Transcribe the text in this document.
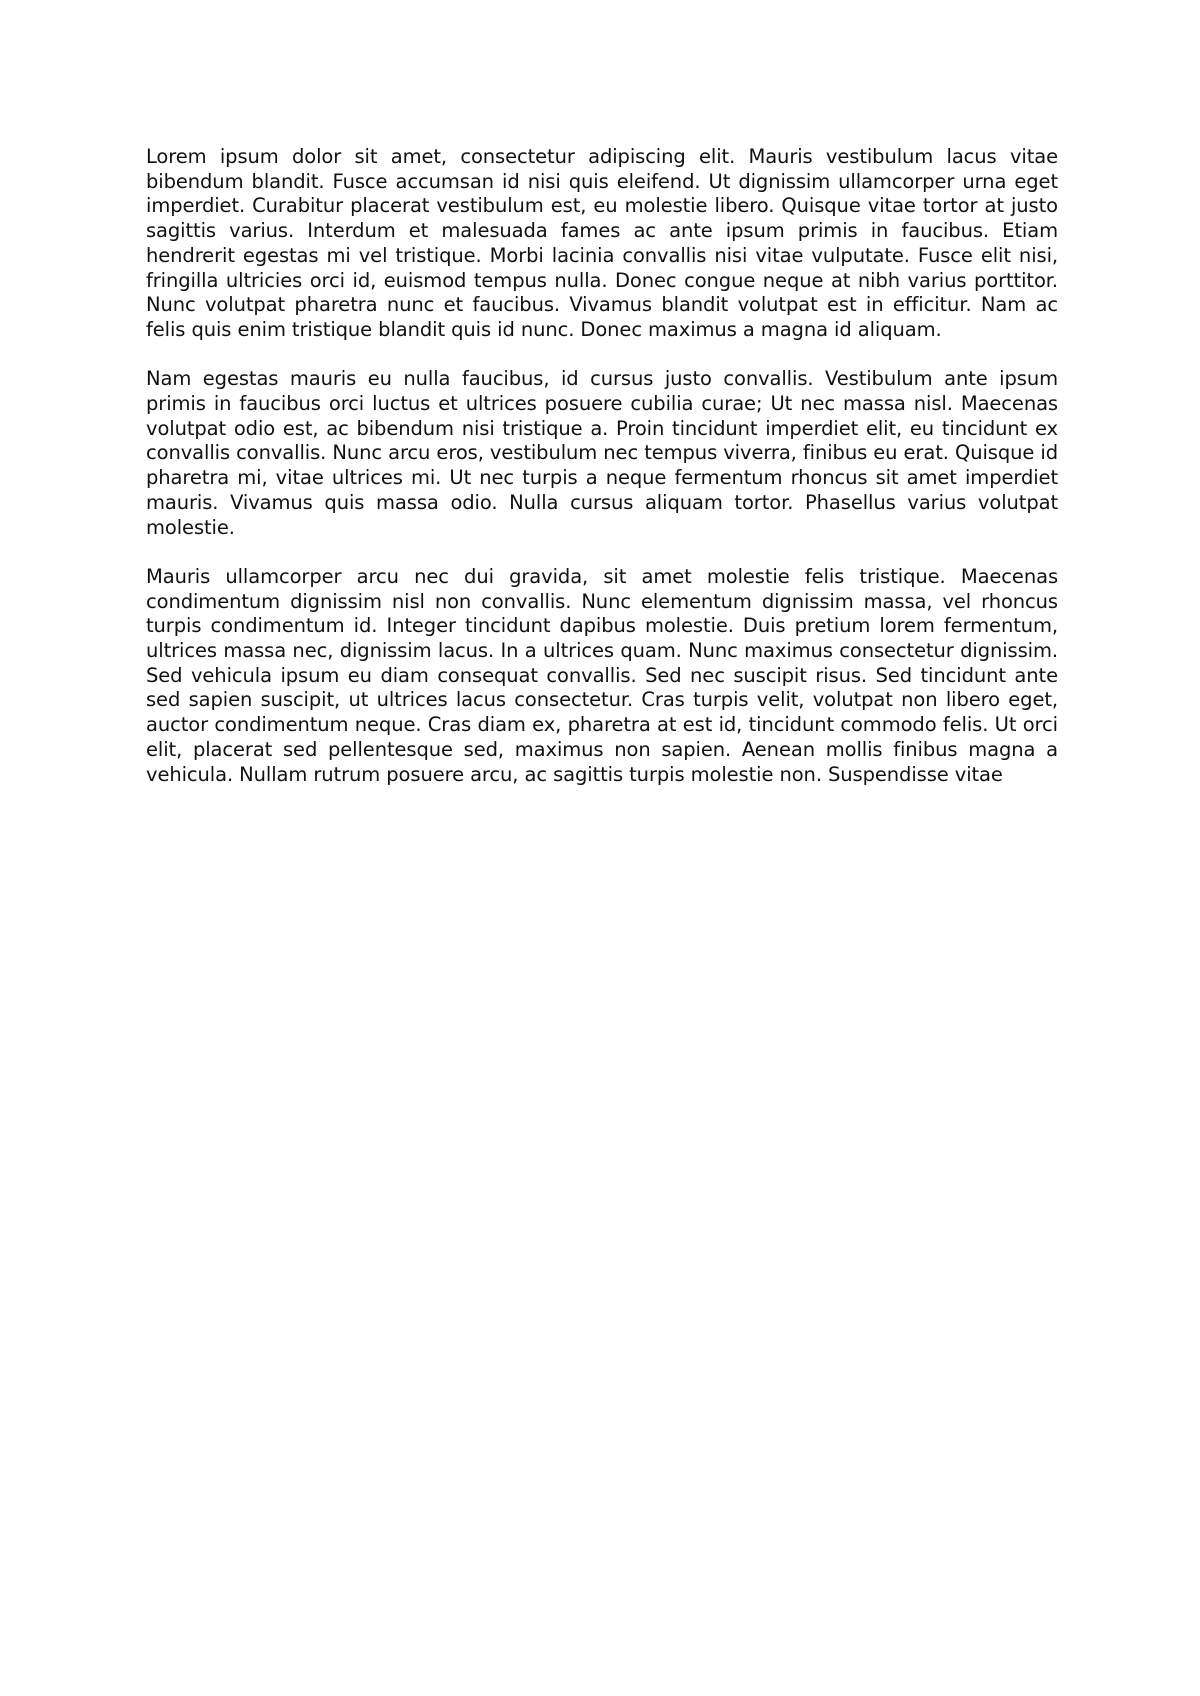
Lorem ipsum dolor sit amet, consectetur adipiscing elit. Mauris vestibulum lacus vitae bibendum blandit. Fusce accumsan id nisi quis eleifend. Ut dignissim ullamcorper urna eget imperdiet. Curabitur placerat vestibulum est, eu molestie libero. Quisque vitae tortor at justo sagittis varius. Interdum et malesuada fames ac ante ipsum primis in faucibus. Etiam hendrerit egestas mi vel tristique. Morbi lacinia convallis nisi vitae vulputate. Fusce elit nisi, fringilla ultricies orci id, euismod tempus nulla. Donec congue neque at nibh varius porttitor. Nunc volutpat pharetra nunc et faucibus. Vivamus blandit volutpat est in efficitur. Nam ac felis quis enim tristique blandit quis id nunc. Donec maximus a magna id aliquam.

Nam egestas mauris eu nulla faucibus, id cursus justo convallis. Vestibulum ante ipsum primis in faucibus orci luctus et ultrices posuere cubilia curae; Ut nec massa nisl. Maecenas volutpat odio est, ac bibendum nisi tristique a. Proin tincidunt imperdiet elit, eu tincidunt ex convallis convallis. Nunc arcu eros, vestibulum nec tempus viverra, finibus eu erat. Quisque id pharetra mi, vitae ultrices mi. Ut nec turpis a neque fermentum rhoncus sit amet imperdiet mauris. Vivamus quis massa odio. Nulla cursus aliquam tortor. Phasellus varius volutpat molestie.

Mauris ullamcorper arcu nec dui gravida, sit amet molestie felis tristique. Maecenas condimentum dignissim nisl non convallis. Nunc elementum dignissim massa, vel rhoncus turpis condimentum id. Integer tincidunt dapibus molestie. Duis pretium lorem fermentum, ultrices massa nec, dignissim lacus. In a ultrices quam. Nunc maximus consectetur dignissim. Sed vehicula ipsum eu diam consequat convallis. Sed nec suscipit risus. Sed tincidunt ante sed sapien suscipit, ut ultrices lacus consectetur. Cras turpis velit, volutpat non libero eget, auctor condimentum neque. Cras diam ex, pharetra at est id, tincidunt commodo felis. Ut orci elit, placerat sed pellentesque sed, maximus non sapien. Aenean mollis finibus magna a vehicula. Nullam rutrum posuere arcu, ac sagittis turpis molestie non. Suspendisse vitae
